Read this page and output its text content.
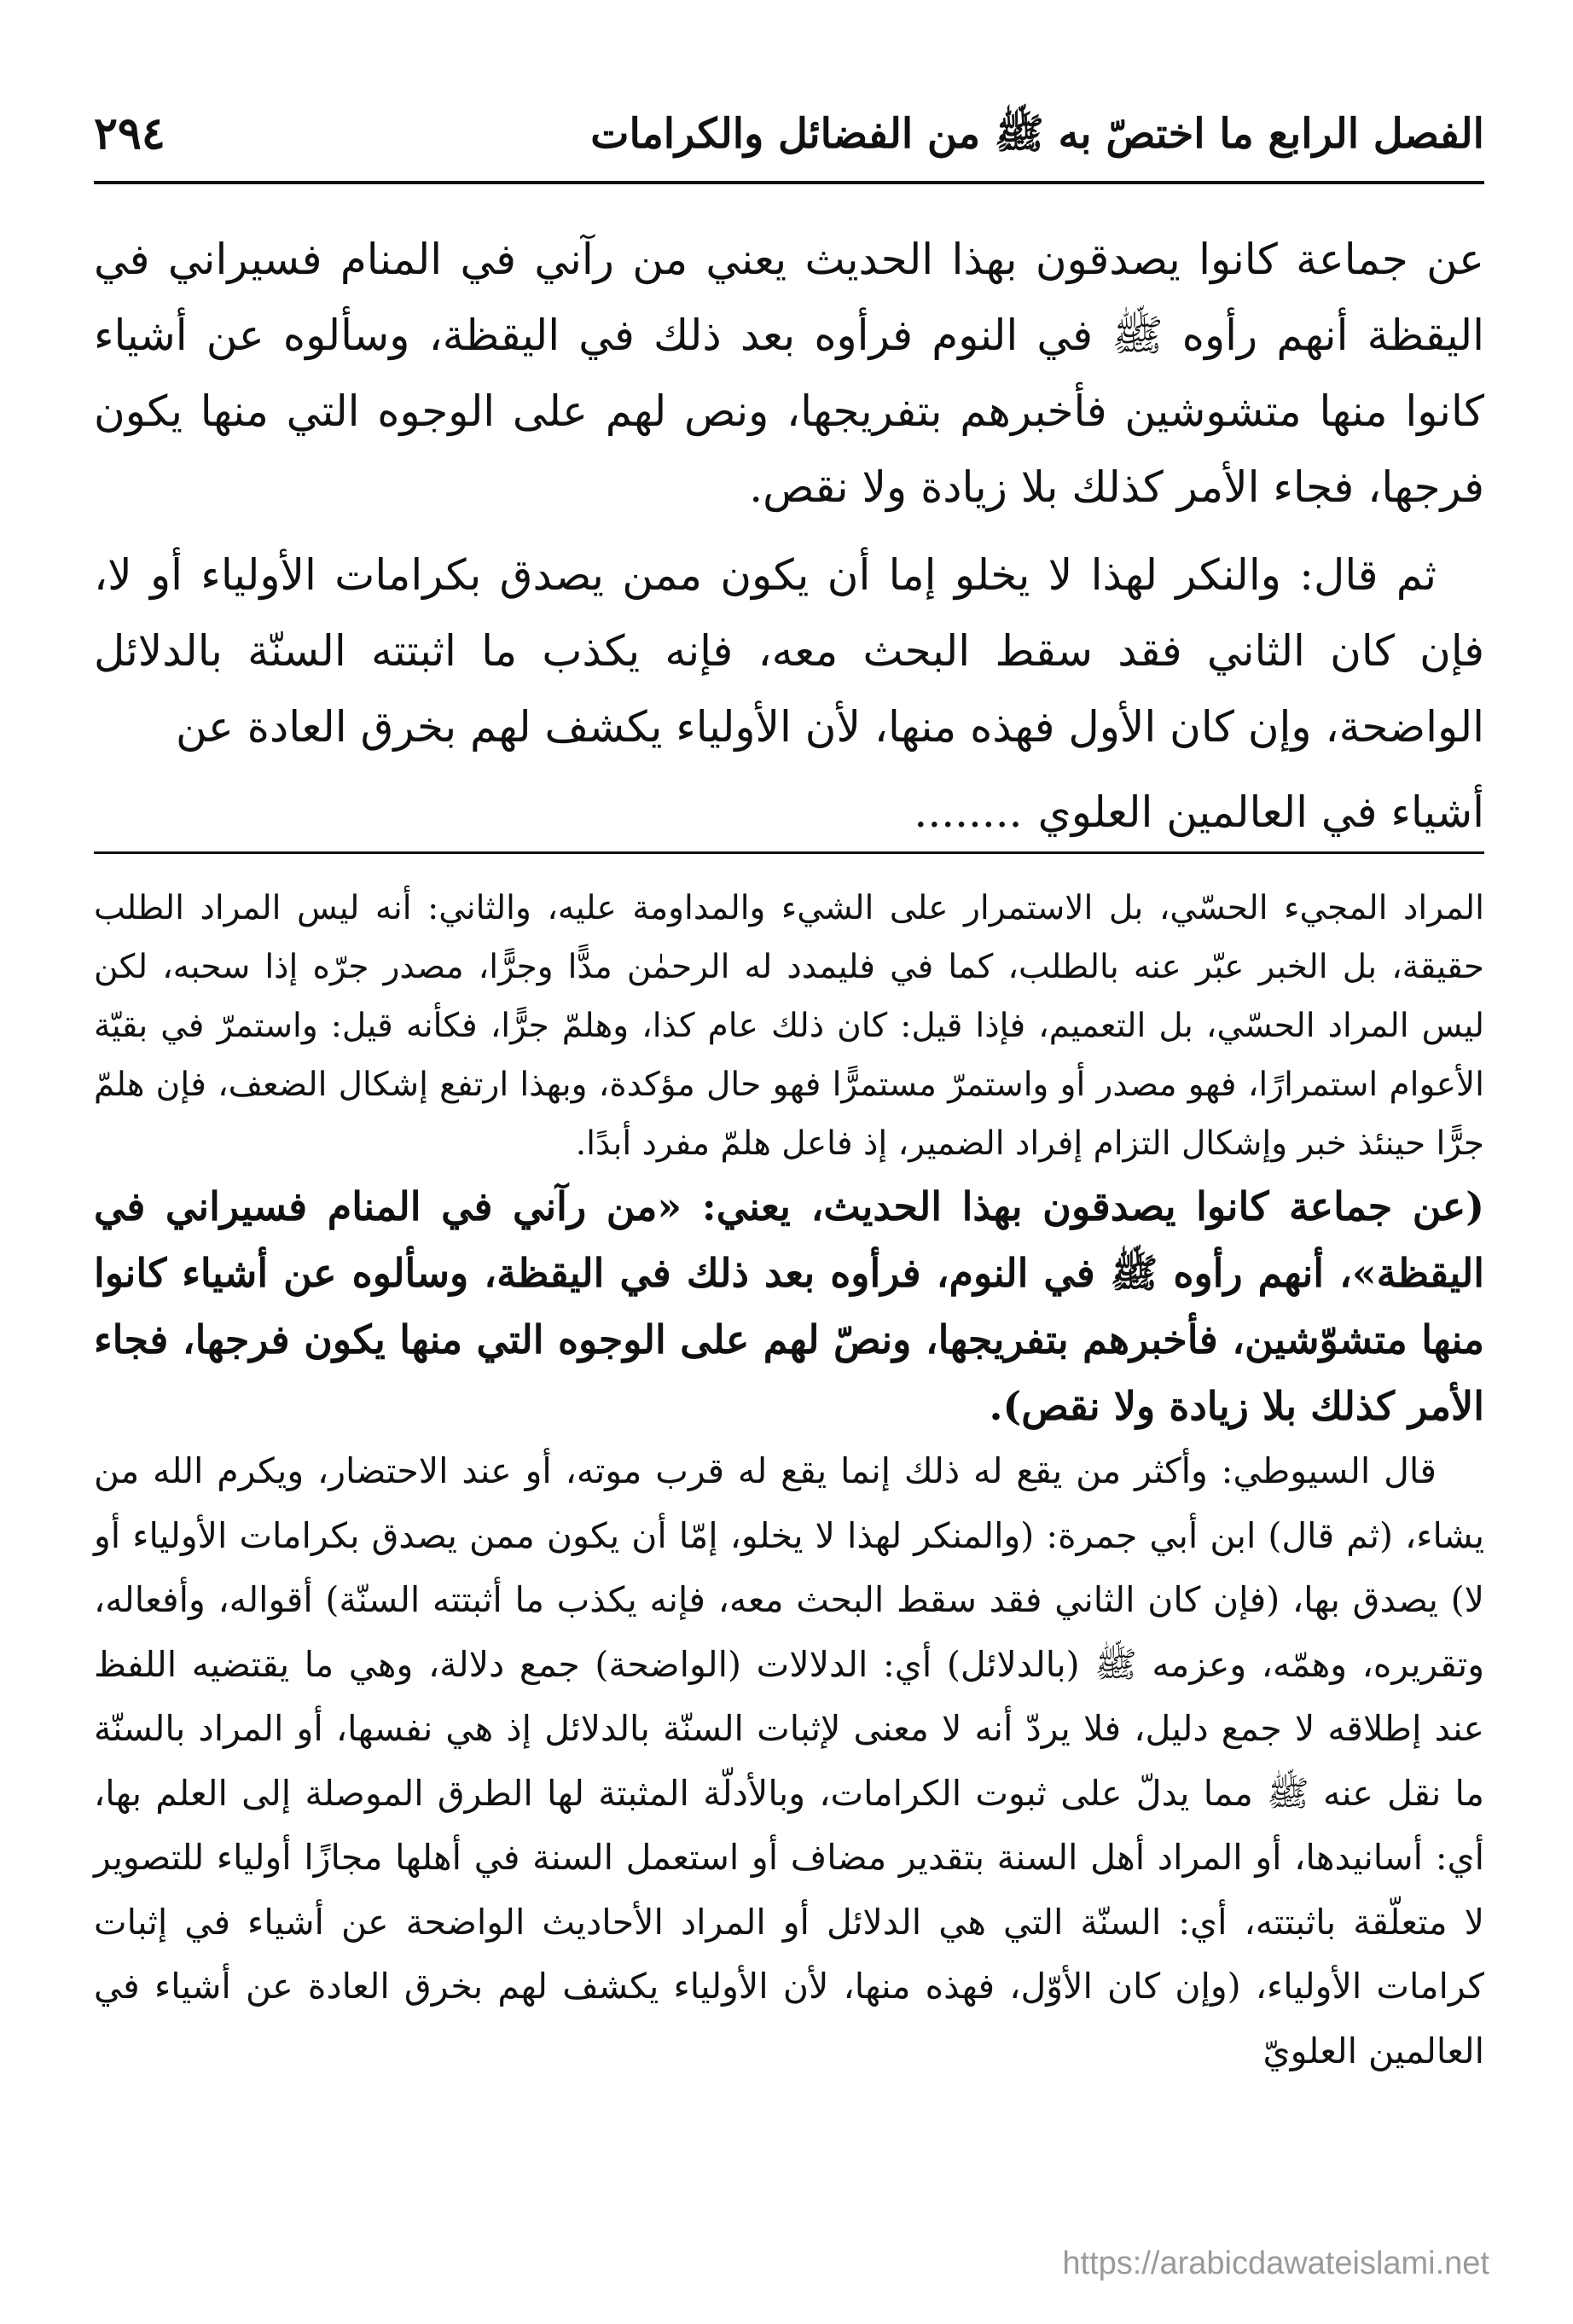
الفصل الرابع ما اختصّ به ﷺ من الفضائل والكرامات
٢٩٤

عن جماعة كانوا يصدقون بهذا الحديث يعني من رآني في المنام فسيراني في اليقظة أنهم رأوه ﷺ في النوم فرأوه بعد ذلك في اليقظة، وسألوه عن أشياء كانوا منها متشوشين فأخبرهم بتفريجها، ونص لهم على الوجوه التي منها يكون فرجها، فجاء الأمر كذلك بلا زيادة ولا نقص.

ثم قال: والنكر لهذا لا يخلو إما أن يكون ممن يصدق بكرامات الأولياء أو لا، فإن كان الثاني فقد سقط البحث معه، فإنه يكذب ما اثبتته السنّة بالدلائل الواضحة، وإن كان الأول فهذه منها، لأن الأولياء يكشف لهم بخرق العادة عن

أشياء في العالمين العلوي........

المراد المجيء الحسّي، بل الاستمرار على الشيء والمداومة عليه، والثاني: أنه ليس المراد الطلب حقيقة، بل الخبر عبّر عنه بالطلب، كما في فليمدد له الرحمٰن مدًّا وجرًّا، مصدر جرّه إذا سحبه، لكن ليس المراد الحسّي، بل التعميم، فإذا قيل: كان ذلك عام كذا، وهلمّ جرًّا، فكأنه قيل: واستمرّ في بقيّة الأعوام استمرارًا، فهو مصدر أو واستمرّ مستمرًّا فهو حال مؤكدة، وبهذا ارتفع إشكال الضعف، فإن هلمّ جرًّا حينئذ خبر وإشكال التزام إفراد الضمير، إذ فاعل هلمّ مفرد أبدًا.

(عن جماعة كانوا يصدقون بهذا الحديث، يعني: «من رآني في المنام فسيراني في اليقظة»، أنهم رأوه ﷺ في النوم، فرأوه بعد ذلك في اليقظة، وسألوه عن أشياء كانوا منها متشوّشين، فأخبرهم بتفريجها، ونصّ لهم على الوجوه التي منها يكون فرجها، فجاء الأمر كذلك بلا زيادة ولا نقص).

قال السيوطي: وأكثر من يقع له ذلك إنما يقع له قرب موته، أو عند الاحتضار، ويكرم الله من يشاء، (ثم قال) ابن أبي جمرة: (والمنكر لهذا لا يخلو، إمّا أن يكون ممن يصدق بكرامات الأولياء أو لا) يصدق بها، (فإن كان الثاني فقد سقط البحث معه، فإنه يكذب ما أثبتته السنّة) أقواله، وأفعاله، وتقريره، وهمّه، وعزمه ﷺ (بالدلائل) أي: الدلالات (الواضحة) جمع دلالة، وهي ما يقتضيه اللفظ عند إطلاقه لا جمع دليل، فلا يردّ أنه لا معنى لإثبات السنّة بالدلائل إذ هي نفسها، أو المراد بالسنّة ما نقل عنه ﷺ مما يدلّ على ثبوت الكرامات، وبالأدلّة المثبتة لها الطرق الموصلة إلى العلم بها، أي: أسانيدها، أو المراد أهل السنة بتقدير مضاف أو استعمل السنة في أهلها مجازًا أولياء للتصوير لا متعلّقة باثبتته، أي: السنّة التي هي الدلائل أو المراد الأحاديث الواضحة عن أشياء في إثبات كرامات الأولياء، (وإن كان الأوّل، فهذه منها، لأن الأولياء يكشف لهم بخرق العادة عن أشياء في العالمين العلويّ

https://arabicdawateislami.net
